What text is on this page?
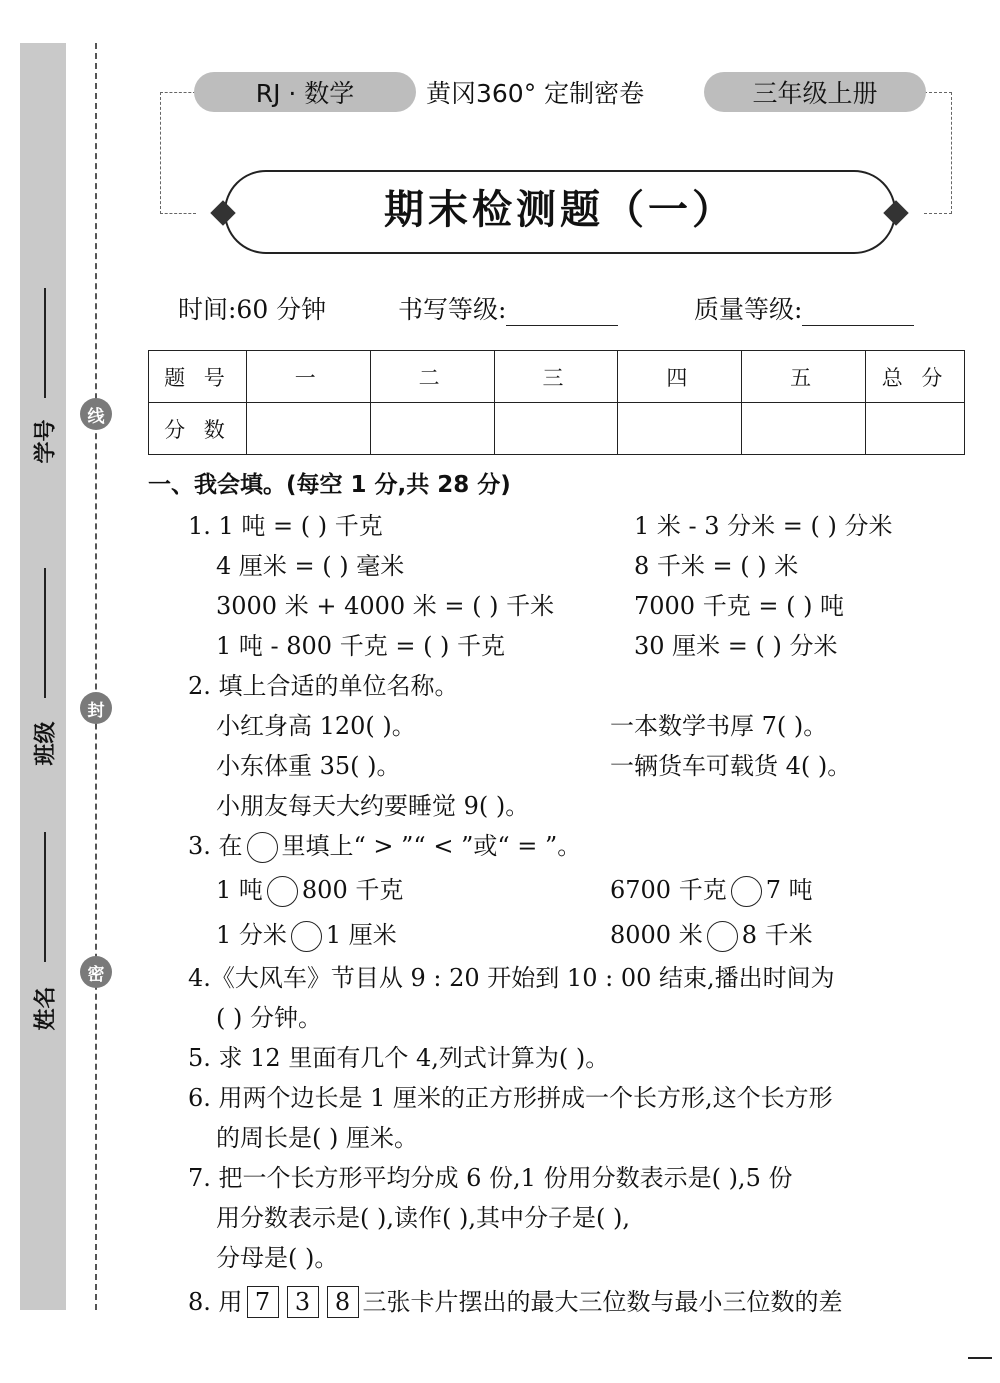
学号
班级
姓名
线
封
密
RJ · 数学	黄冈360° 定制密卷	三年级上册
期末检测题（一）
时间:60 分钟	书写等级:	质量等级:
题 号	一	二	三	四	五	总 分
分 数						
一、我会填。(每空 1 分,共 28 分)
1. 1 吨 = ( ) 千克	1 米 - 3 分米 = ( ) 分米
4 厘米 = ( ) 毫米	8 千米 = ( ) 米
3000 米 + 4000 米 = ( ) 千米	7000 千克 = ( ) 吨
1 吨 - 800 千克 = ( ) 千克	30 厘米 = ( ) 分米
2. 填上合适的单位名称。
小红身高 120( )。	一本数学书厚 7( )。
小东体重 35( )。	一辆货车可载货 4( )。
小朋友每天大约要睡觉 9( )。
3. 在 里填上“ > ”“ < ”或“ = ”。
1 吨 800 千克	6700 千克 7 吨
1 分米 1 厘米	8000 米 8 千米
4.《大风车》节目从 9 : 20 开始到 10 : 00 结束,播出时间为
( ) 分钟。
5. 求 12 里面有几个 4,列式计算为( )。
6. 用两个边长是 1 厘米的正方形拼成一个长方形,这个长方形
的周长是( ) 厘米。
7. 把一个长方形平均分成 6 份,1 份用分数表示是( ),5 份
用分数表示是( ),读作( ),其中分子是( ),
分母是( )。
8. 用 7 3 8 三张卡片摆出的最大三位数与最小三位数的差
